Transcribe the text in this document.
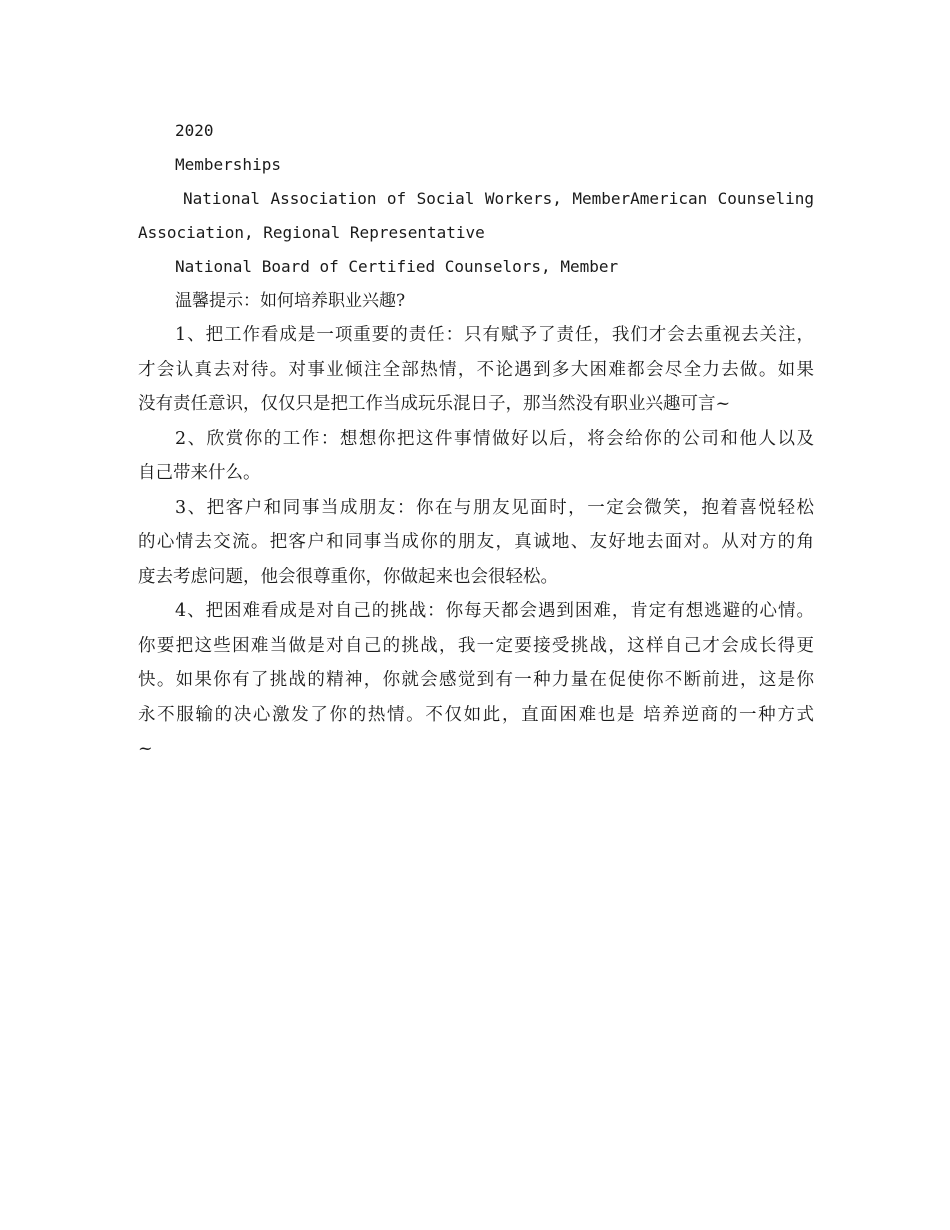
2020

Memberships

National Association of Social Workers, MemberAmerican Counseling

Association, Regional Representative

National Board of Certified Counselors, Member

温馨提示：如何培养职业兴趣?

1、把工作看成是一项重要的责任：只有赋予了责任，我们才会去重视去关注，
才会认真去对待。对事业倾注全部热情，不论遇到多大困难都会尽全力去做。如果
没有责任意识，仅仅只是把工作当成玩乐混日子，那当然没有职业兴趣可言~
2、欣赏你的工作：想想你把这件事情做好以后，将会给你的公司和他人以及
自己带来什么。
3、把客户和同事当成朋友：你在与朋友见面时，一定会微笑，抱着喜悦轻松
的心情去交流。把客户和同事当成你的朋友，真诚地、友好地去面对。从对方的角
度去考虑问题，他会很尊重你，你做起来也会很轻松。
4、把困难看成是对自己的挑战：你每天都会遇到困难，肯定有想逃避的心情。
你要把这些困难当做是对自己的挑战，我一定要接受挑战，这样自己才会成长得更
快。如果你有了挑战的精神，你就会感觉到有一种力量在促使你不断前进，这是你
永不服输的决心激发了你的热情。不仅如此，直面困难也是 培养逆商的一种方式
~
